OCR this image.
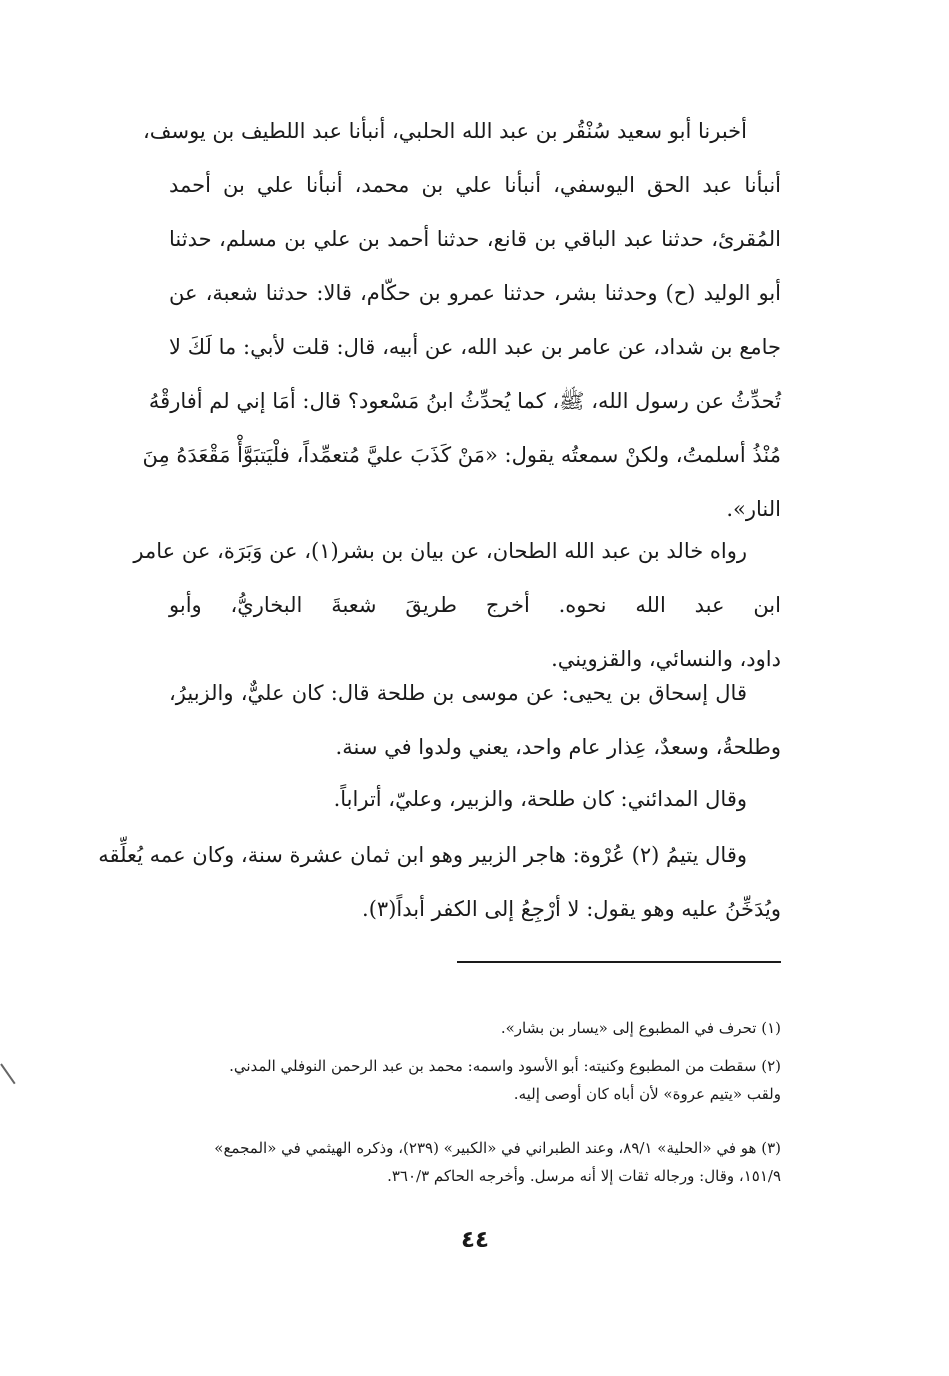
أخبرنا أبو سعيد سُنْقُر بن عبد الله الحلبي، أنبأنا عبد اللطيف بن يوسف،
أنبأنا عبد الحق اليوسفي، أنبأنا علي بن محمد، أنبأنا علي بن أحمد
المُقرئ، حدثنا عبد الباقي بن قانع، حدثنا أحمد بن علي بن مسلم، حدثنا
أبو الوليد (ح) وحدثنا بشر، حدثنا عمرو بن حكّام، قالا: حدثنا شعبة، عن
جامع بن شداد، عن عامر بن عبد الله، عن أبيه، قال: قلت لأبي: ما لَكَ لا
تُحدِّثُ عن رسول الله، ﷺ، كما يُحدِّثُ ابنُ مَسْعود؟ قال: أمَا إني لم أفارقْهُ
مُنْذُ أسلمتُ، ولكنْ سمعتُه يقول: «مَنْ كَذَبَ عليَّ مُتعمِّداً، فلْيَتبَوَّأْ مَقْعَدَهُ مِنَ
النار».
رواه خالد بن عبد الله الطحان، عن بيان بن بشر(١)، عن وَبَرَة، عن عامر
ابن عبد الله نحوه. أخرج طريقَ شعبةَ البخاريُّ، وأبو
داود، والنسائي، والقزويني.
قال إسحاق بن يحيى: عن موسى بن طلحة قال: كان عليٌّ، والزبيرُ،
وطلحةُ، وسعدٌ، عِذار عام واحد، يعني ولدوا في سنة.
وقال المدائني: كان طلحة، والزبير، وعليّ، أتراباً.
وقال يتيمُ (٢) عُرْوة: هاجر الزبير وهو ابن ثمان عشرة سنة، وكان عمه يُعلِّقه
ويُدَخِّنُ عليه وهو يقول: لا أرْجِعُ إلى الكفر أبداً(٣).
(١) تحرف في المطبوع إلى «يسار بن بشار».
(٢) سقطت من المطبوع وكنيته: أبو الأسود واسمه: محمد بن عبد الرحمن النوفلي المدني.
ولقب «يتيم عروة» لأن أباه كان أوصى إليه.
(٣) هو في «الحلية» ٨٩/١، وعند الطبراني في «الكبير» (٢٣٩)، وذكره الهيثمي في «المجمع»
١٥١/٩، وقال: ورجاله ثقات إلا أنه مرسل. وأخرجه الحاكم ٣٦٠/٣.
٤٤
